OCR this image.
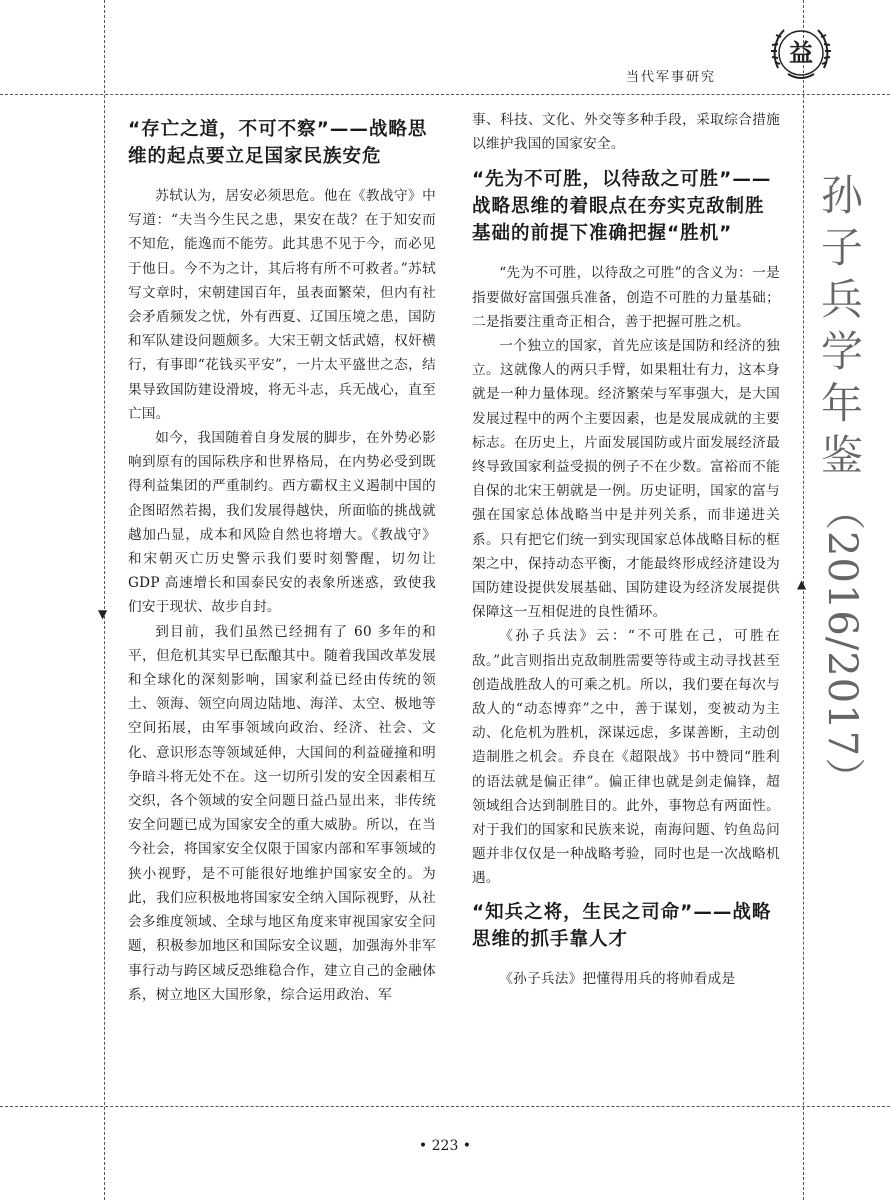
当代军事研究
益
孙
子
兵
学
年
鉴
（2016/2017）
▼
▲
“存亡之道，不可不察”——战略思维的起点要立足国家民族安危

苏轼认为，居安必须思危。他在《教战守》中写道：“夫当今生民之患，果安在哉？在于知安而不知危，能逸而不能劳。此其患不见于今，而必见于他日。今不为之计，其后将有所不可救者。”苏轼写文章时，宋朝建国百年，虽表面繁荣，但内有社会矛盾频发之忧，外有西夏、辽国压境之患，国防和军队建设问题颇多。大宋王朝文恬武嬉，权奸横行，有事即“花钱买平安”，一片太平盛世之态，结果导致国防建设滑坡，将无斗志，兵无战心，直至亡国。

如今，我国随着自身发展的脚步，在外势必影响到原有的国际秩序和世界格局，在内势必受到既得利益集团的严重制约。西方霸权主义遏制中国的企图昭然若揭，我们发展得越快，所面临的挑战就越加凸显，成本和风险自然也将增大。《教战守》和宋朝灭亡历史警示我们要时刻警醒，切勿让 GDP 高速增长和国泰民安的表象所迷惑，致使我们安于现状、故步自封。

到目前，我们虽然已经拥有了 60 多年的和平，但危机其实早已酝酿其中。随着我国改革发展和全球化的深刻影响，国家利益已经由传统的领土、领海、领空向周边陆地、海洋、太空、极地等空间拓展，由军事领域向政治、经济、社会、文化、意识形态等领域延伸，大国间的利益碰撞和明争暗斗将无处不在。这一切所引发的安全因素相互交织，各个领域的安全问题日益凸显出来，非传统安全问题已成为国家安全的重大威胁。所以，在当今社会，将国家安全仅限于国家内部和军事领域的狭小视野，是不可能很好地维护国家安全的。为此，我们应积极地将国家安全纳入国际视野，从社会多维度领域、全球与地区角度来审视国家安全问题，积极参加地区和国际安全议题，加强海外非军事行动与跨区域反恐维稳合作，建立自己的金融体系，树立地区大国形象，综合运用政治、军

事、科技、文化、外交等多种手段，采取综合措施以维护我国的国家安全。

“先为不可胜，以待敌之可胜”——战略思维的着眼点在夯实克敌制胜基础的前提下准确把握“胜机”

“先为不可胜，以待敌之可胜”的含义为：一是指要做好富国强兵准备，创造不可胜的力量基础；二是指要注重奇正相合，善于把握可胜之机。

一个独立的国家，首先应该是国防和经济的独立。这就像人的两只手臂，如果粗壮有力，这本身就是一种力量体现。经济繁荣与军事强大，是大国发展过程中的两个主要因素，也是发展成就的主要标志。在历史上，片面发展国防或片面发展经济最终导致国家利益受损的例子不在少数。富裕而不能自保的北宋王朝就是一例。历史证明，国家的富与强在国家总体战略当中是并列关系，而非递进关系。只有把它们统一到实现国家总体战略目标的框架之中，保持动态平衡，才能最终形成经济建设为国防建设提供发展基础、国防建设为经济发展提供保障这一互相促进的良性循环。

《孙子兵法》云：“不可胜在己，可胜在敌。”此言则指出克敌制胜需要等待或主动寻找甚至创造战胜敌人的可乘之机。所以，我们要在每次与敌人的“动态博弈”之中，善于谋划，变被动为主动、化危机为胜机，深谋远虑，多谋善断，主动创造制胜之机会。乔良在《超限战》书中赞同“胜利的语法就是偏正律”。偏正律也就是剑走偏锋，超领域组合达到制胜目的。此外，事物总有两面性。对于我们的国家和民族来说，南海问题、钓鱼岛问题并非仅仅是一种战略考验，同时也是一次战略机遇。

“知兵之将，生民之司命”——战略思维的抓手靠人才

《孙子兵法》把懂得用兵的将帅看成是

• 223 •
